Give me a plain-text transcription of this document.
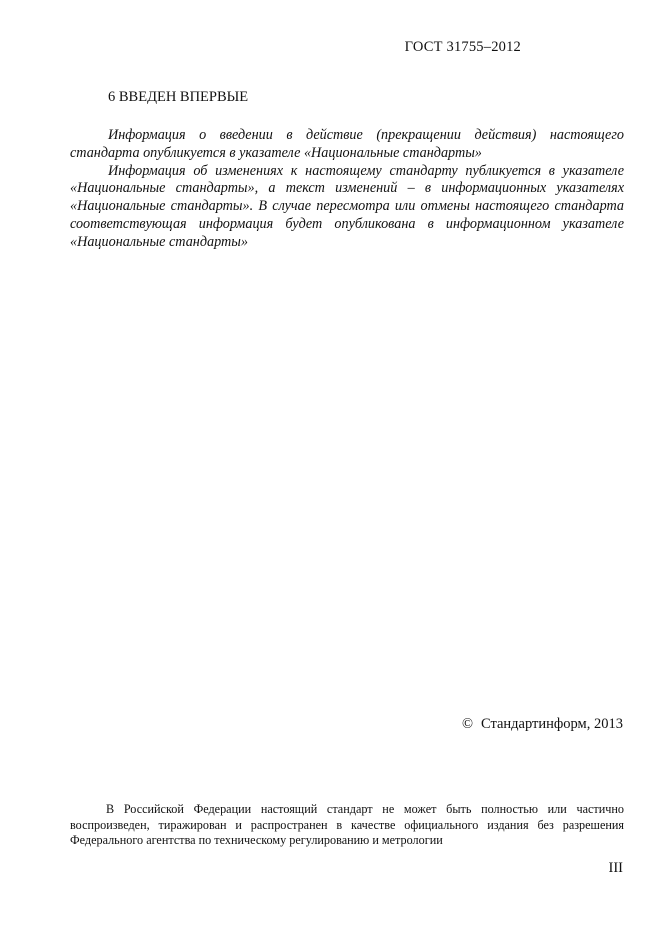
ГОСТ 31755–2012
6 ВВЕДЕН ВПЕРВЫЕ

Информация о введении в действие (прекращении действия) настоящего стандарта опубликуется в указателе «Национальные стандарты»

Информация об изменениях к настоящему стандарту публикуется в указателе «Национальные стандарты», а текст изменений – в информационных указателях «Национальные стандарты». В случае пересмотра или отмены настоящего стандарта соответствующая информация будет опубликована в информационном указателе «Национальные стандарты»

© Стандартинформ, 2013

В Российской Федерации настоящий стандарт не может быть полностью или частично воспроизведен, тиражирован и распространен в качестве официального издания без разрешения Федерального агентства по техническому регулированию и метрологии

III
